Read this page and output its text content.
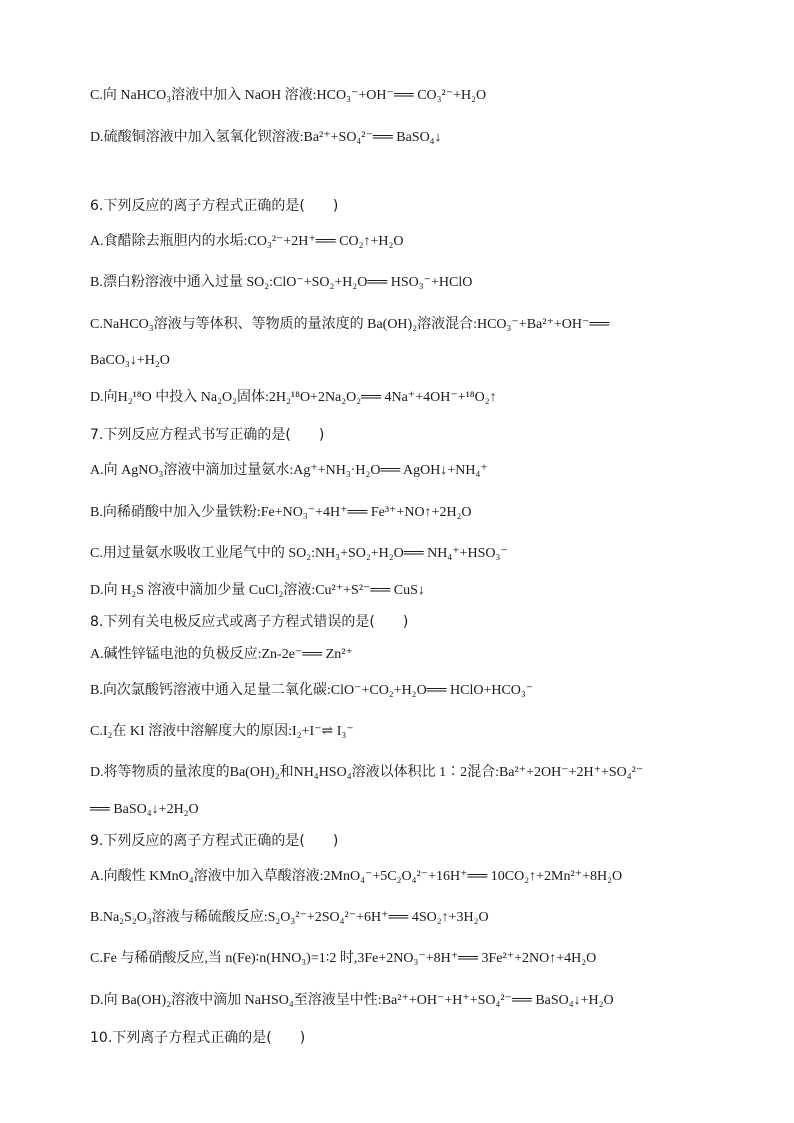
C.向 NaHCO₃溶液中加入 NaOH 溶液:HCO₃⁻+OH⁻══ CO₃²⁻+H₂O
D.硫酸铜溶液中加入氢氧化钡溶液:Ba²⁺+SO₄²⁻══ BaSO₄↓
6.下列反应的离子方程式正确的是(　　)
A.食醋除去瓶胆内的水垢:CO₃²⁻+2H⁺══ CO₂↑+H₂O
B.漂白粉溶液中通入过量 SO₂:ClO⁻+SO₂+H₂O══ HSO₃⁻+HClO
C.NaHCO₃溶液与等体积、等物质的量浓度的 Ba(OH)₂溶液混合:HCO₃⁻+Ba²⁺+OH⁻══
BaCO₃↓+H₂O
D.向H₂¹⁸O 中投入 Na₂O₂固体:2H₂¹⁸O+2Na₂O₂══ 4Na⁺+4OH⁻+¹⁸O₂↑
7.下列反应方程式书写正确的是(　　)
A.向 AgNO₃溶液中滴加过量氨水:Ag⁺+NH₃·H₂O══ AgOH↓+NH₄⁺
B.向稀硝酸中加入少量铁粉:Fe+NO₃⁻+4H⁺══ Fe³⁺+NO↑+2H₂O
C.用过量氨水吸收工业尾气中的 SO₂:NH₃+SO₂+H₂O══ NH₄⁺+HSO₃⁻
D.向 H₂S 溶液中滴加少量 CuCl₂溶液:Cu²⁺+S²⁻══ CuS↓
8.下列有关电极反应式或离子方程式错误的是(　　)
A.碱性锌锰电池的负极反应:Zn-2e⁻══ Zn²⁺
B.向次氯酸钙溶液中通入足量二氧化碳:ClO⁻+CO₂+H₂O══ HClO+HCO₃⁻
C.I₂在 KI 溶液中溶解度大的原因:I₂+I⁻⇌ I₃⁻
D.将等物质的量浓度的Ba(OH)₂和NH₄HSO₄溶液以体积比 1∶2混合:Ba²⁺+2OH⁻+2H⁺+SO₄²⁻
══ BaSO₄↓+2H₂O
9.下列反应的离子方程式正确的是(　　)
A.向酸性 KMnO₄溶液中加入草酸溶液:2MnO₄⁻+5C₂O₄²⁻+16H⁺══ 10CO₂↑+2Mn²⁺+8H₂O
B.Na₂S₂O₃溶液与稀硫酸反应:S₂O₃²⁻+2SO₄²⁻+6H⁺══ 4SO₂↑+3H₂O
C.Fe 与稀硝酸反应,当 n(Fe)∶n(HNO₃)=1∶2 时,3Fe+2NO₃⁻+8H⁺══ 3Fe²⁺+2NO↑+4H₂O
D.向 Ba(OH)₂溶液中滴加 NaHSO₄至溶液呈中性:Ba²⁺+OH⁻+H⁺+SO₄²⁻══ BaSO₄↓+H₂O
10.下列离子方程式正确的是(　　)
